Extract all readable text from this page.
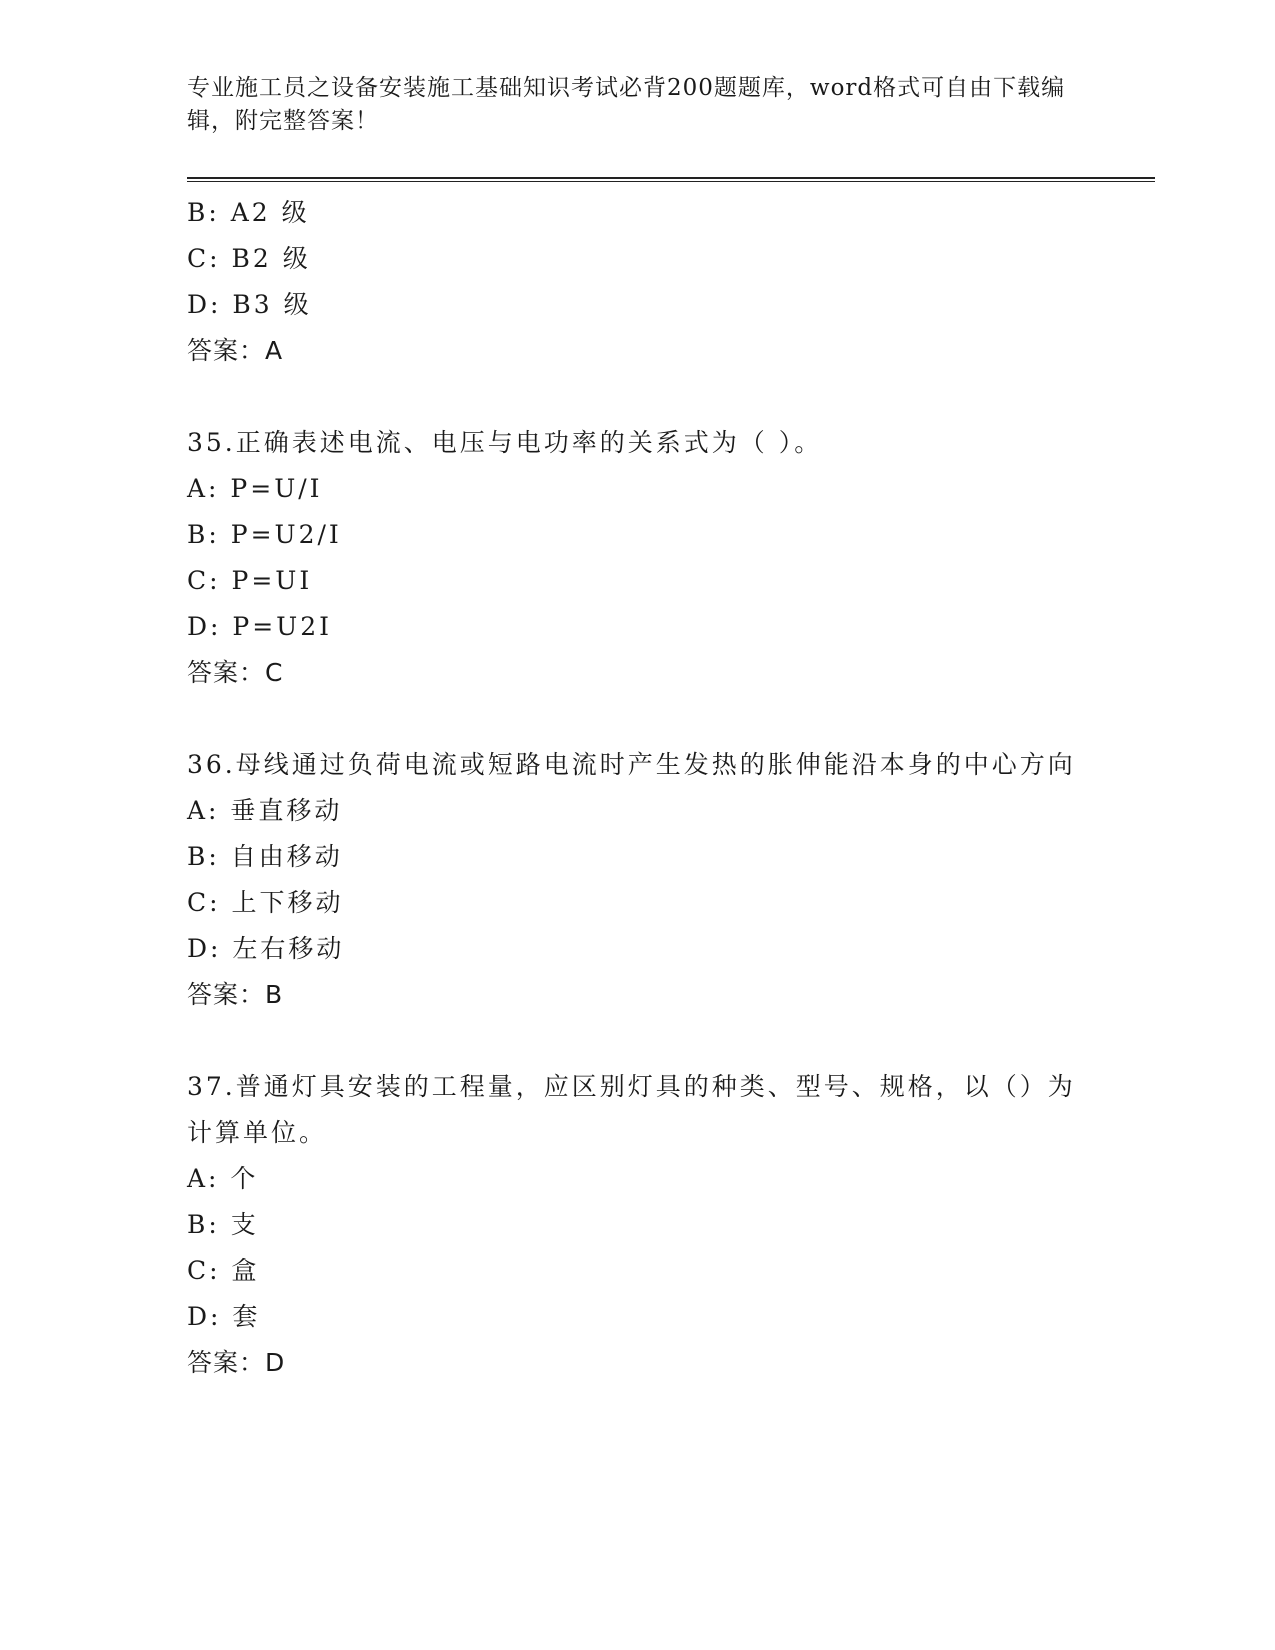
专业施工员之设备安装施工基础知识考试必背200题题库，word格式可自由下载编辑，附完整答案！
B: A2 级
C: B2 级
D: B3 级
答案：A
35.正确表述电流、电压与电功率的关系式为（ ）。
A: P=U/I
B: P=U2/I
C: P=UI
D: P=U2I
答案：C
36.母线通过负荷电流或短路电流时产生发热的胀伸能沿本身的中心方向
A: 垂直移动
B: 自由移动
C: 上下移动
D: 左右移动
答案：B
37.普通灯具安装的工程量，应区别灯具的种类、型号、规格，以（）为计算单位。
A: 个
B: 支
C: 盒
D: 套
答案：D
